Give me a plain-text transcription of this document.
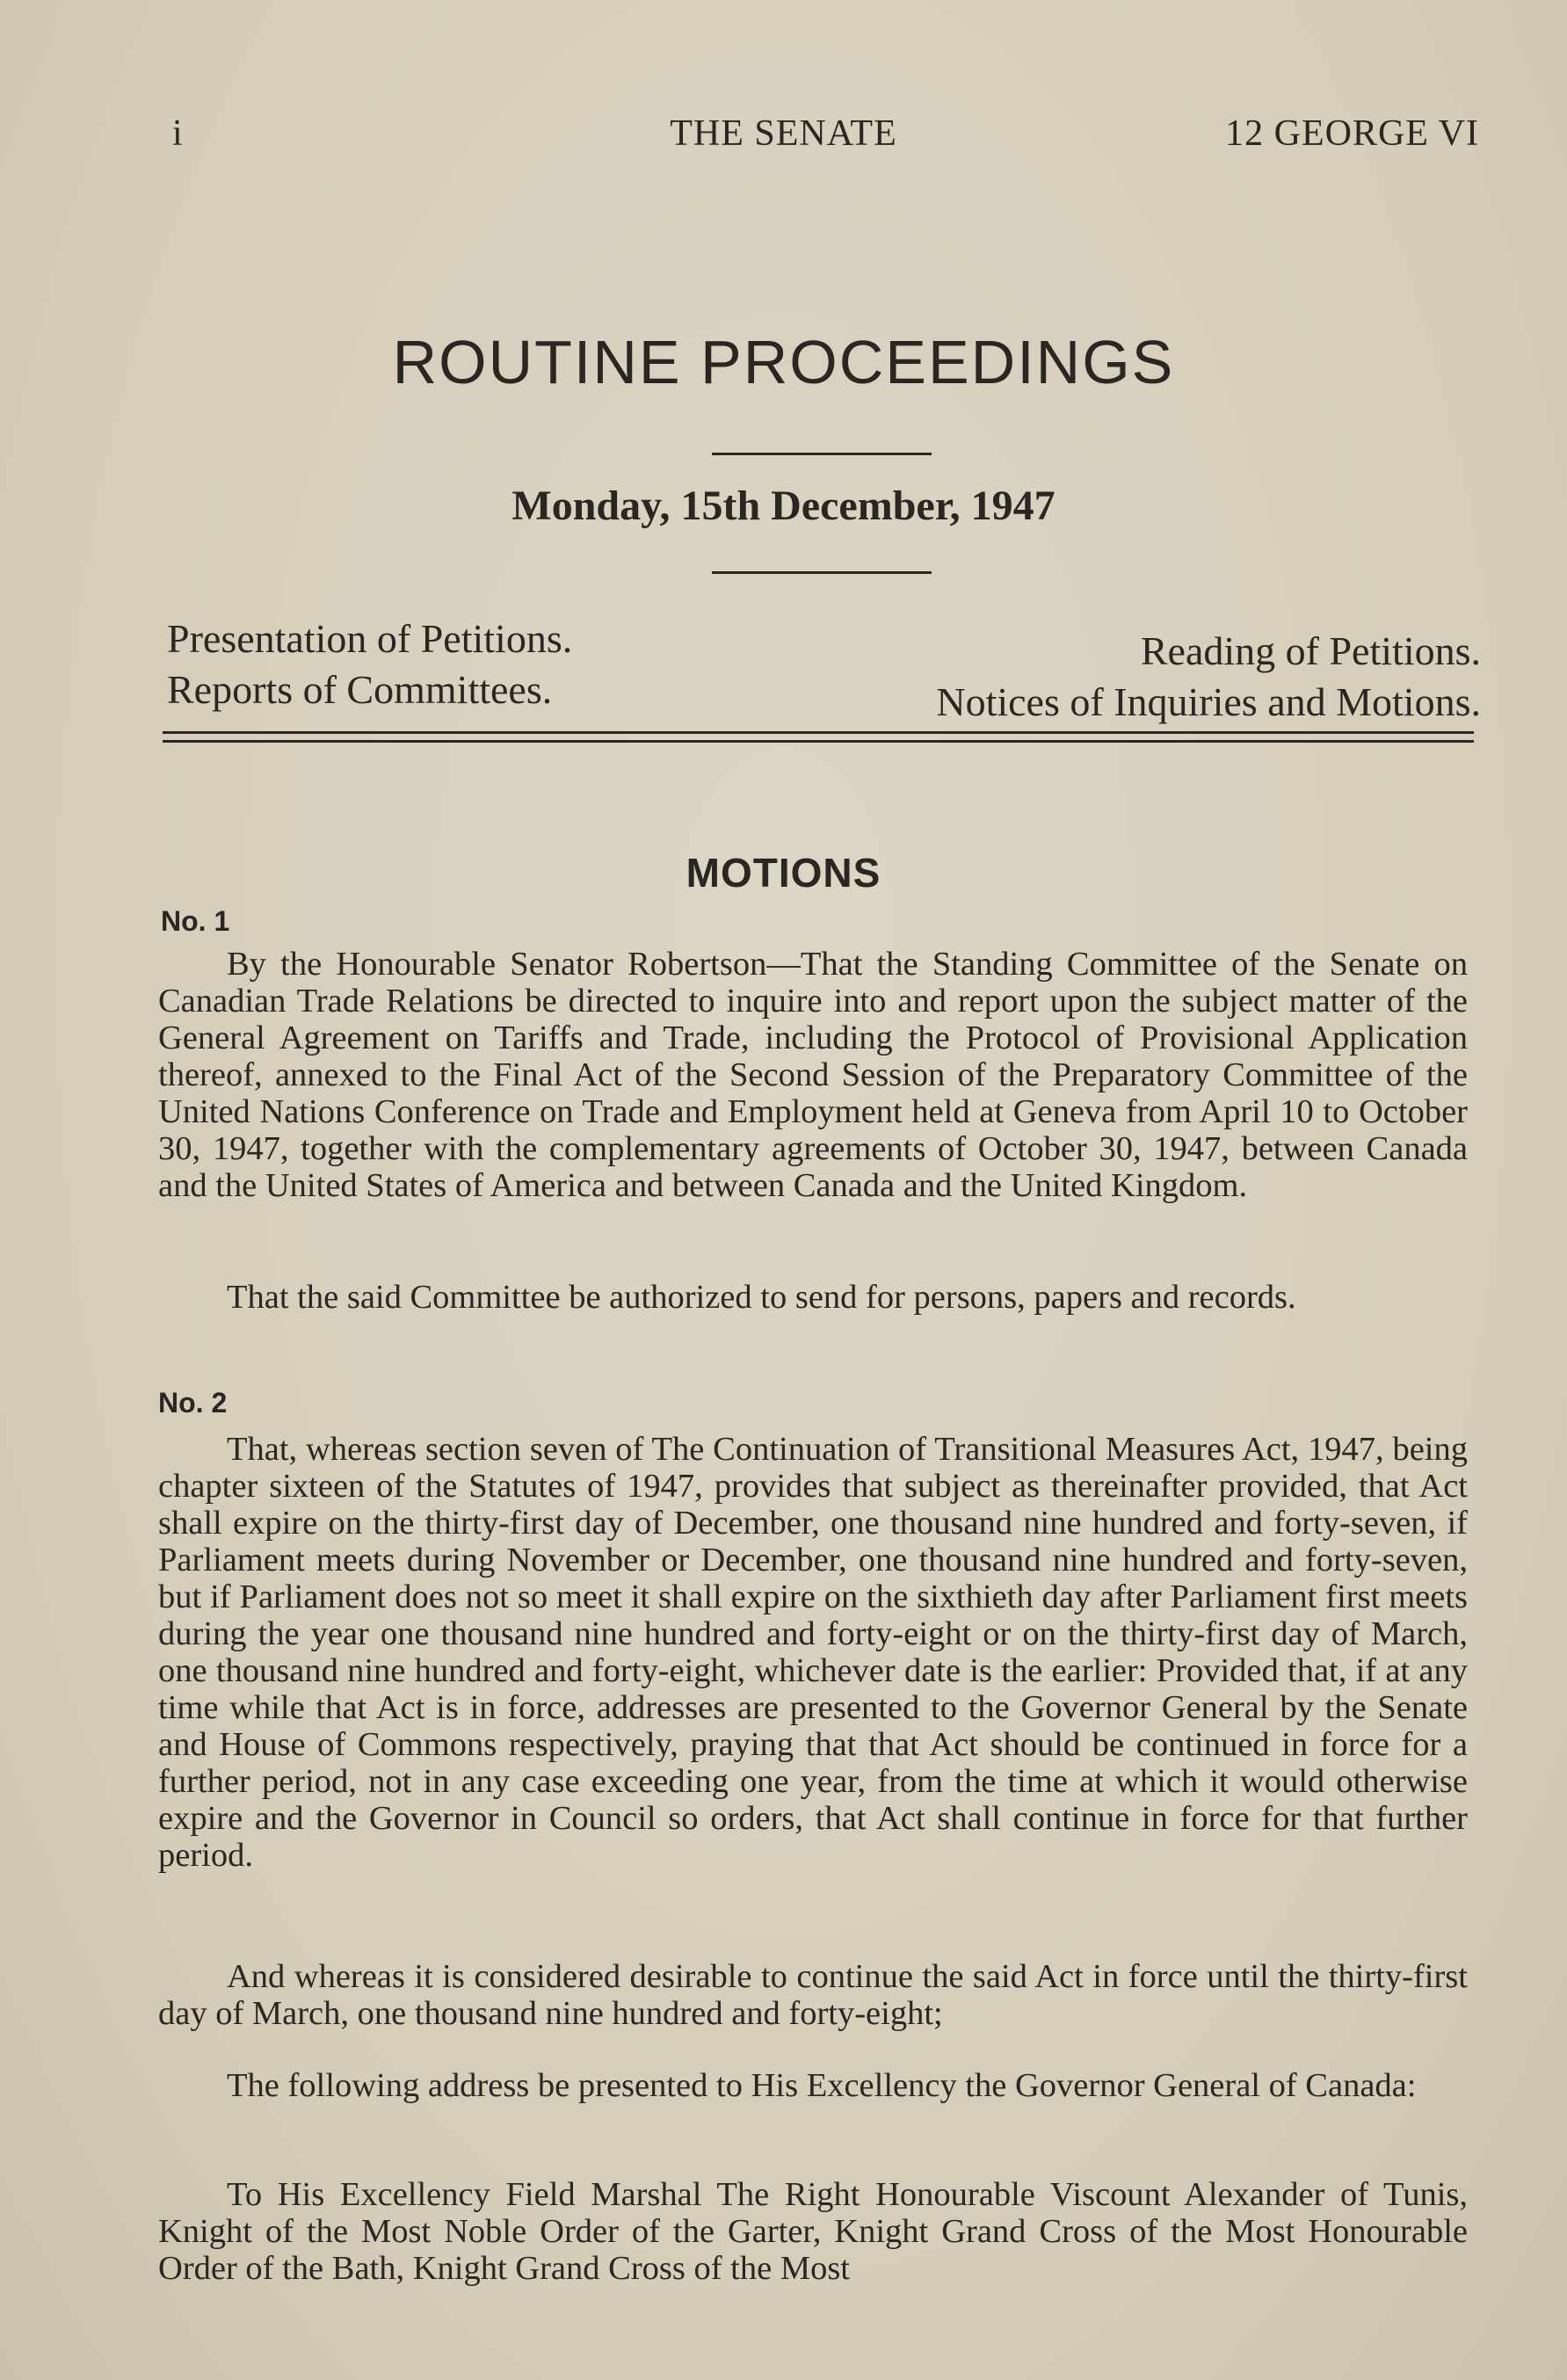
i	THE SENATE	12 GEORGE VI
ROUTINE PROCEEDINGS
Monday, 15th December, 1947
Presentation of Petitions.
Reports of Committees.
Reading of Petitions.
Notices of Inquiries and Motions.
MOTIONS
No. 1

By the Honourable Senator Robertson—That the Standing Committee of the Senate on Canadian Trade Relations be directed to inquire into and report upon the subject matter of the General Agreement on Tariffs and Trade, including the Protocol of Provisional Application thereof, annexed to the Final Act of the Second Session of the Preparatory Committee of the United Nations Conference on Trade and Employment held at Geneva from April 10 to October 30, 1947, together with the complementary agreements of October 30, 1947, between Canada and the United States of America and between Canada and the United Kingdom.

That the said Committee be authorized to send for persons, papers and records.

No. 2

That, whereas section seven of The Continuation of Transitional Measures Act, 1947, being chapter sixteen of the Statutes of 1947, provides that subject as thereinafter provided, that Act shall expire on the thirty-first day of December, one thousand nine hundred and forty-seven, if Parliament meets during November or December, one thousand nine hundred and forty-seven, but if Parliament does not so meet it shall expire on the sixthieth day after Parliament first meets during the year one thousand nine hundred and forty-eight or on the thirty-first day of March, one thousand nine hundred and forty-eight, whichever date is the earlier: Provided that, if at any time while that Act is in force, addresses are presented to the Governor General by the Senate and House of Commons respectively, praying that that Act should be continued in force for a further period, not in any case exceeding one year, from the time at which it would otherwise expire and the Governor in Council so orders, that Act shall continue in force for that further period.

And whereas it is considered desirable to continue the said Act in force until the thirty-first day of March, one thousand nine hundred and forty-eight;

The following address be presented to His Excellency the Governor General of Canada:

To His Excellency Field Marshal The Right Honourable Viscount Alexander of Tunis, Knight of the Most Noble Order of the Garter, Knight Grand Cross of the Most Honourable Order of the Bath, Knight Grand Cross of the Most
